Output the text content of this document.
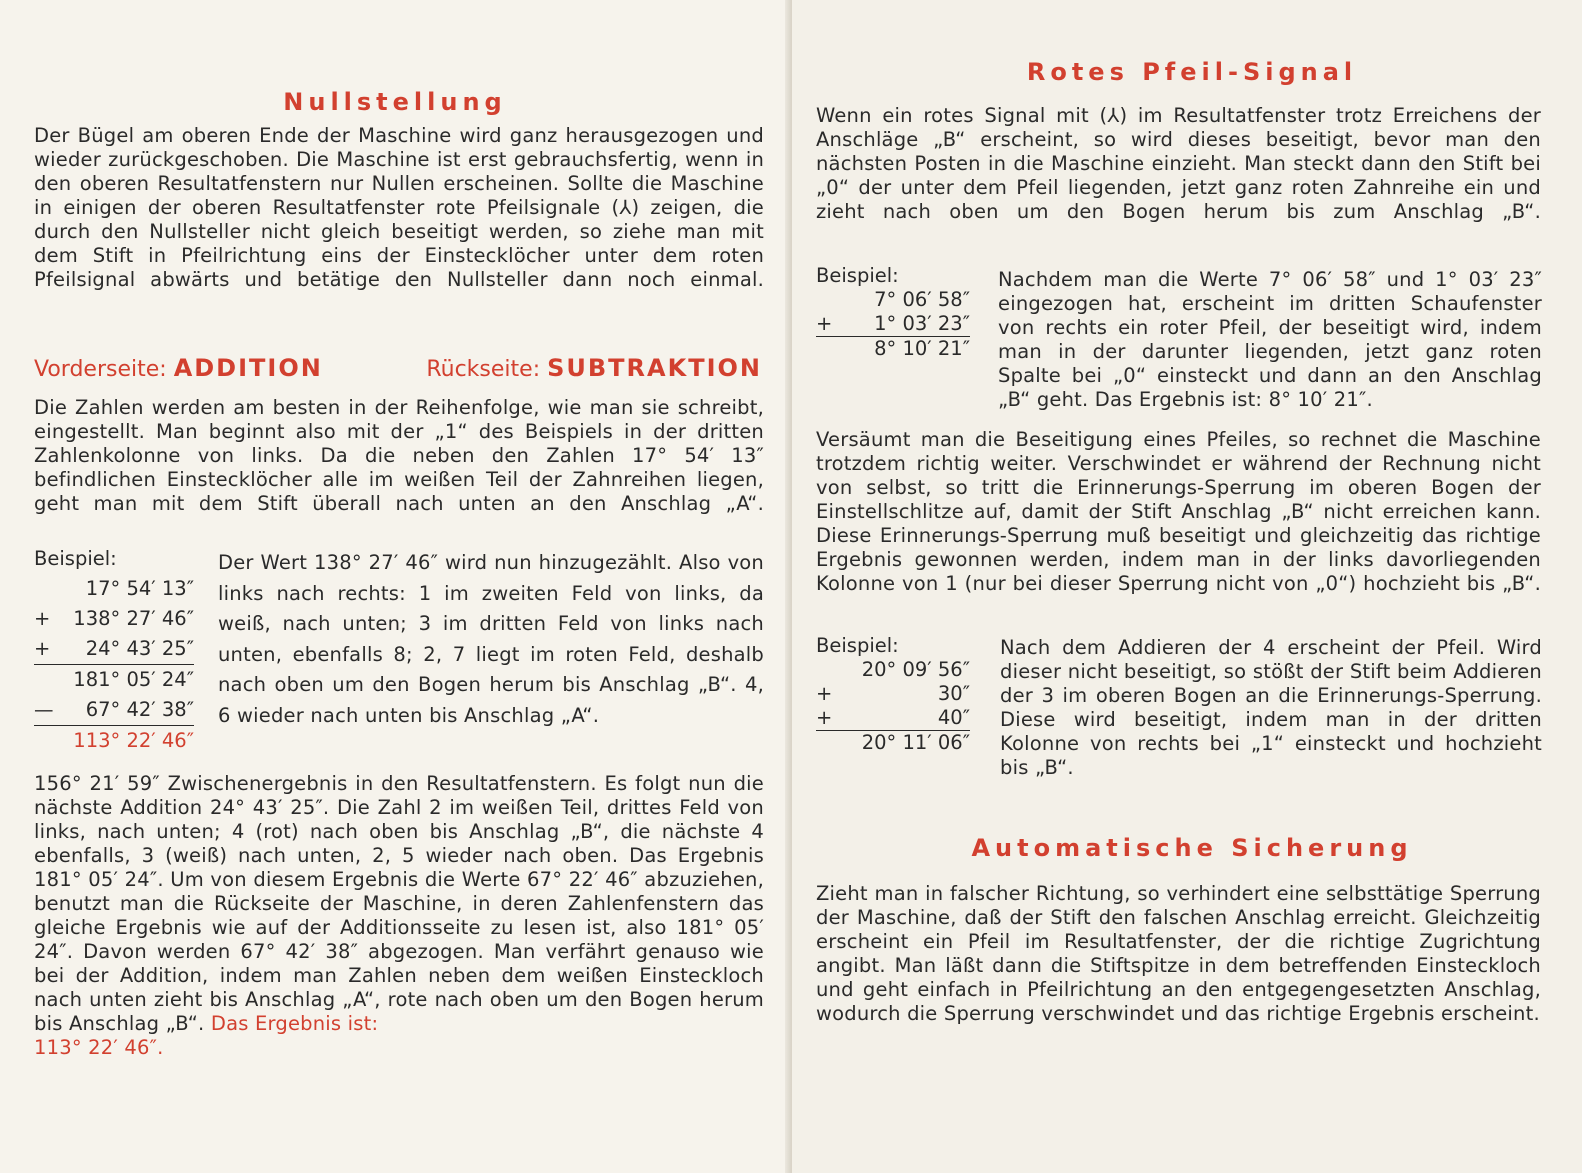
Nullstellung
Der Bügel am oberen Ende der Maschine wird ganz herausgezogen und wieder zurückgeschoben. Die Maschine ist erst gebrauchsfertig, wenn in den oberen Resultatfenstern nur Nullen erscheinen. Sollte die Maschine in einigen der oberen Resultatfenster rote Pfeilsignale (⅄) zeigen, die durch den Nullsteller nicht gleich beseitigt werden, so ziehe man mit dem Stift in Pfeilrichtung eins der Einstecklöcher unter dem roten Pfeilsignal abwärts und betätige den Nullsteller dann noch einmal.
Vorderseite: ADDITION	Rückseite: SUBTRAKTION
Die Zahlen werden am besten in der Reihenfolge, wie man sie schreibt, eingestellt. Man beginnt also mit der „1“ des Beispiels in der dritten Zahlenkolonne von links. Da die neben den Zahlen 17° 54′ 13″ befindlichen Einstecklöcher alle im weißen Teil der Zahnreihen liegen, geht man mit dem Stift überall nach unten an den Anschlag „A“.
Beispiel:
17° 54′ 13″
+	138° 27′ 46″
+	24° 43′ 25″
181° 05′ 24″
—	67° 42′ 38″
113° 22′ 46″
Der Wert 138° 27′ 46″ wird nun hinzugezählt. Also von links nach rechts: 1 im zweiten Feld von links, da weiß, nach unten; 3 im dritten Feld von links nach unten, ebenfalls 8; 2, 7 liegt im roten Feld, deshalb nach oben um den Bogen herum bis Anschlag „B“. 4, 6 wieder nach unten bis Anschlag „A“.
156° 21′ 59″ Zwischenergebnis in den Resultatfenstern. Es folgt nun die nächste Addition 24° 43′ 25″. Die Zahl 2 im weißen Teil, drittes Feld von links, nach unten; 4 (rot) nach oben bis Anschlag „B“, die nächste 4 ebenfalls, 3 (weiß) nach unten, 2, 5 wieder nach oben. Das Ergebnis 181° 05′ 24″. Um von diesem Ergebnis die Werte 67° 22′ 46″ abzuziehen, benutzt man die Rückseite der Maschine, in deren Zahlenfenstern das gleiche Ergebnis wie auf der Additionsseite zu lesen ist, also 181° 05′ 24″. Davon werden 67° 42′ 38″ abgezogen. Man verfährt genauso wie bei der Addition, indem man Zahlen neben dem weißen Einsteckloch nach unten zieht bis Anschlag „A“, rote nach oben um den Bogen herum bis Anschlag „B“. Das Ergebnis ist:
113° 22′ 46″.
Rotes Pfeil-Signal
Wenn ein rotes Signal mit (⅄) im Resultatfenster trotz Erreichens der Anschläge „B“ erscheint, so wird dieses beseitigt, bevor man den nächsten Posten in die Maschine einzieht. Man steckt dann den Stift bei „0“ der unter dem Pfeil liegenden, jetzt ganz roten Zahnreihe ein und zieht nach oben um den Bogen herum bis zum Anschlag „B“.
Beispiel:
7° 06′ 58″
+	1° 03′ 23″
8° 10′ 21″
Nachdem man die Werte 7° 06′ 58″ und 1° 03′ 23″ eingezogen hat, erscheint im dritten Schaufenster von rechts ein roter Pfeil, der beseitigt wird, indem man in der darunter liegenden, jetzt ganz roten Spalte bei „0“ einsteckt und dann an den Anschlag „B“ geht. Das Ergebnis ist: 8° 10′ 21″.
Versäumt man die Beseitigung eines Pfeiles, so rechnet die Maschine trotzdem richtig weiter. Verschwindet er während der Rechnung nicht von selbst, so tritt die Erinnerungs-Sperrung im oberen Bogen der Einstellschlitze auf, damit der Stift Anschlag „B“ nicht erreichen kann. Diese Erinnerungs-Sperrung muß beseitigt und gleichzeitig das richtige Ergebnis gewonnen werden, indem man in der links davorliegenden Kolonne von 1 (nur bei dieser Sperrung nicht von „0“) hochzieht bis „B“.
Beispiel:
20° 09′ 56″
+	30″
+	40″
20° 11′ 06″
Nach dem Addieren der 4 erscheint der Pfeil. Wird dieser nicht beseitigt, so stößt der Stift beim Addieren der 3 im oberen Bogen an die Erinnerungs-Sperrung. Diese wird beseitigt, indem man in der dritten Kolonne von rechts bei „1“ einsteckt und hochzieht bis „B“.
Automatische Sicherung
Zieht man in falscher Richtung, so verhindert eine selbsttätige Sperrung der Maschine, daß der Stift den falschen Anschlag erreicht. Gleichzeitig erscheint ein Pfeil im Resultatfenster, der die richtige Zugrichtung angibt. Man läßt dann die Stiftspitze in dem betreffenden Einsteckloch und geht einfach in Pfeilrichtung an den entgegengesetzten Anschlag, wodurch die Sperrung verschwindet und das richtige Ergebnis erscheint.
